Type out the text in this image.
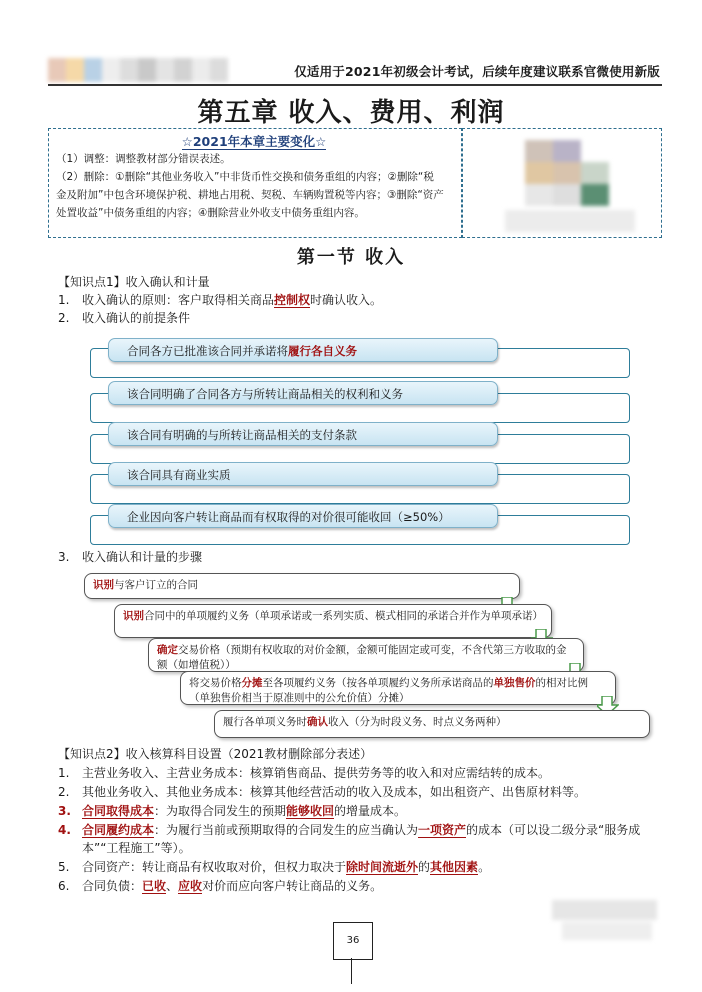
仅适用于2021年初级会计考试，后续年度建议联系官微使用新版
第五章 收入、费用、利润
☆2021年本章主要变化☆
（1）调整：调整教材部分错误表述。
（2）删除：①删除“其他业务收入”中非货币性交换和债务重组的内容；②删除“税
金及附加”中包含环境保护税、耕地占用税、契税、车辆购置税等内容；③删除“资产
处置收益”中债务重组的内容；④删除营业外收支中债务重组内容。
第一节 收入
【知识点1】收入确认和计量
1. 收入确认的原则：客户取得相关商品控制权时确认收入。
2. 收入确认的前提条件
合同各方已批准该合同并承诺将履行各自义务
该合同明确了合同各方与所转让商品相关的权利和义务
该合同有明确的与所转让商品相关的支付条款
该合同具有商业实质
企业因向客户转让商品而有权取得的对价很可能收回（≥50%）
3. 收入确认和计量的步骤
识别与客户订立的合同
识别合同中的单项履约义务（单项承诺或一系列实质、模式相同的承诺合并作为单项承诺）
确定交易价格（预期有权收取的对价金额，金额可能固定或可变，不含代第三方收取的金额（如增值税））
将交易价格分摊至各项履约义务（按各单项履约义务所承诺商品的单独售价的相对比例（单独售价相当于原准则中的公允价值）分摊）
履行各单项义务时确认收入（分为时段义务、时点义务两种）
【知识点2】收入核算科目设置（2021教材删除部分表述）
1. 主营业务收入、主营业务成本：核算销售商品、提供劳务等的收入和对应需结转的成本。
2. 其他业务收入、其他业务成本：核算其他经营活动的收入及成本，如出租资产、出售原材料等。
3. 合同取得成本：为取得合同发生的预期能够收回的增量成本。
4. 合同履约成本：为履行当前或预期取得的合同发生的应当确认为一项资产的成本（可以设二级分录“服务成
本”“工程施工”等）。
5. 合同资产：转让商品有权收取对价，但权力取决于除时间流逝外的其他因素。
6. 合同负债：已收、应收对价而应向客户转让商品的义务。
36
